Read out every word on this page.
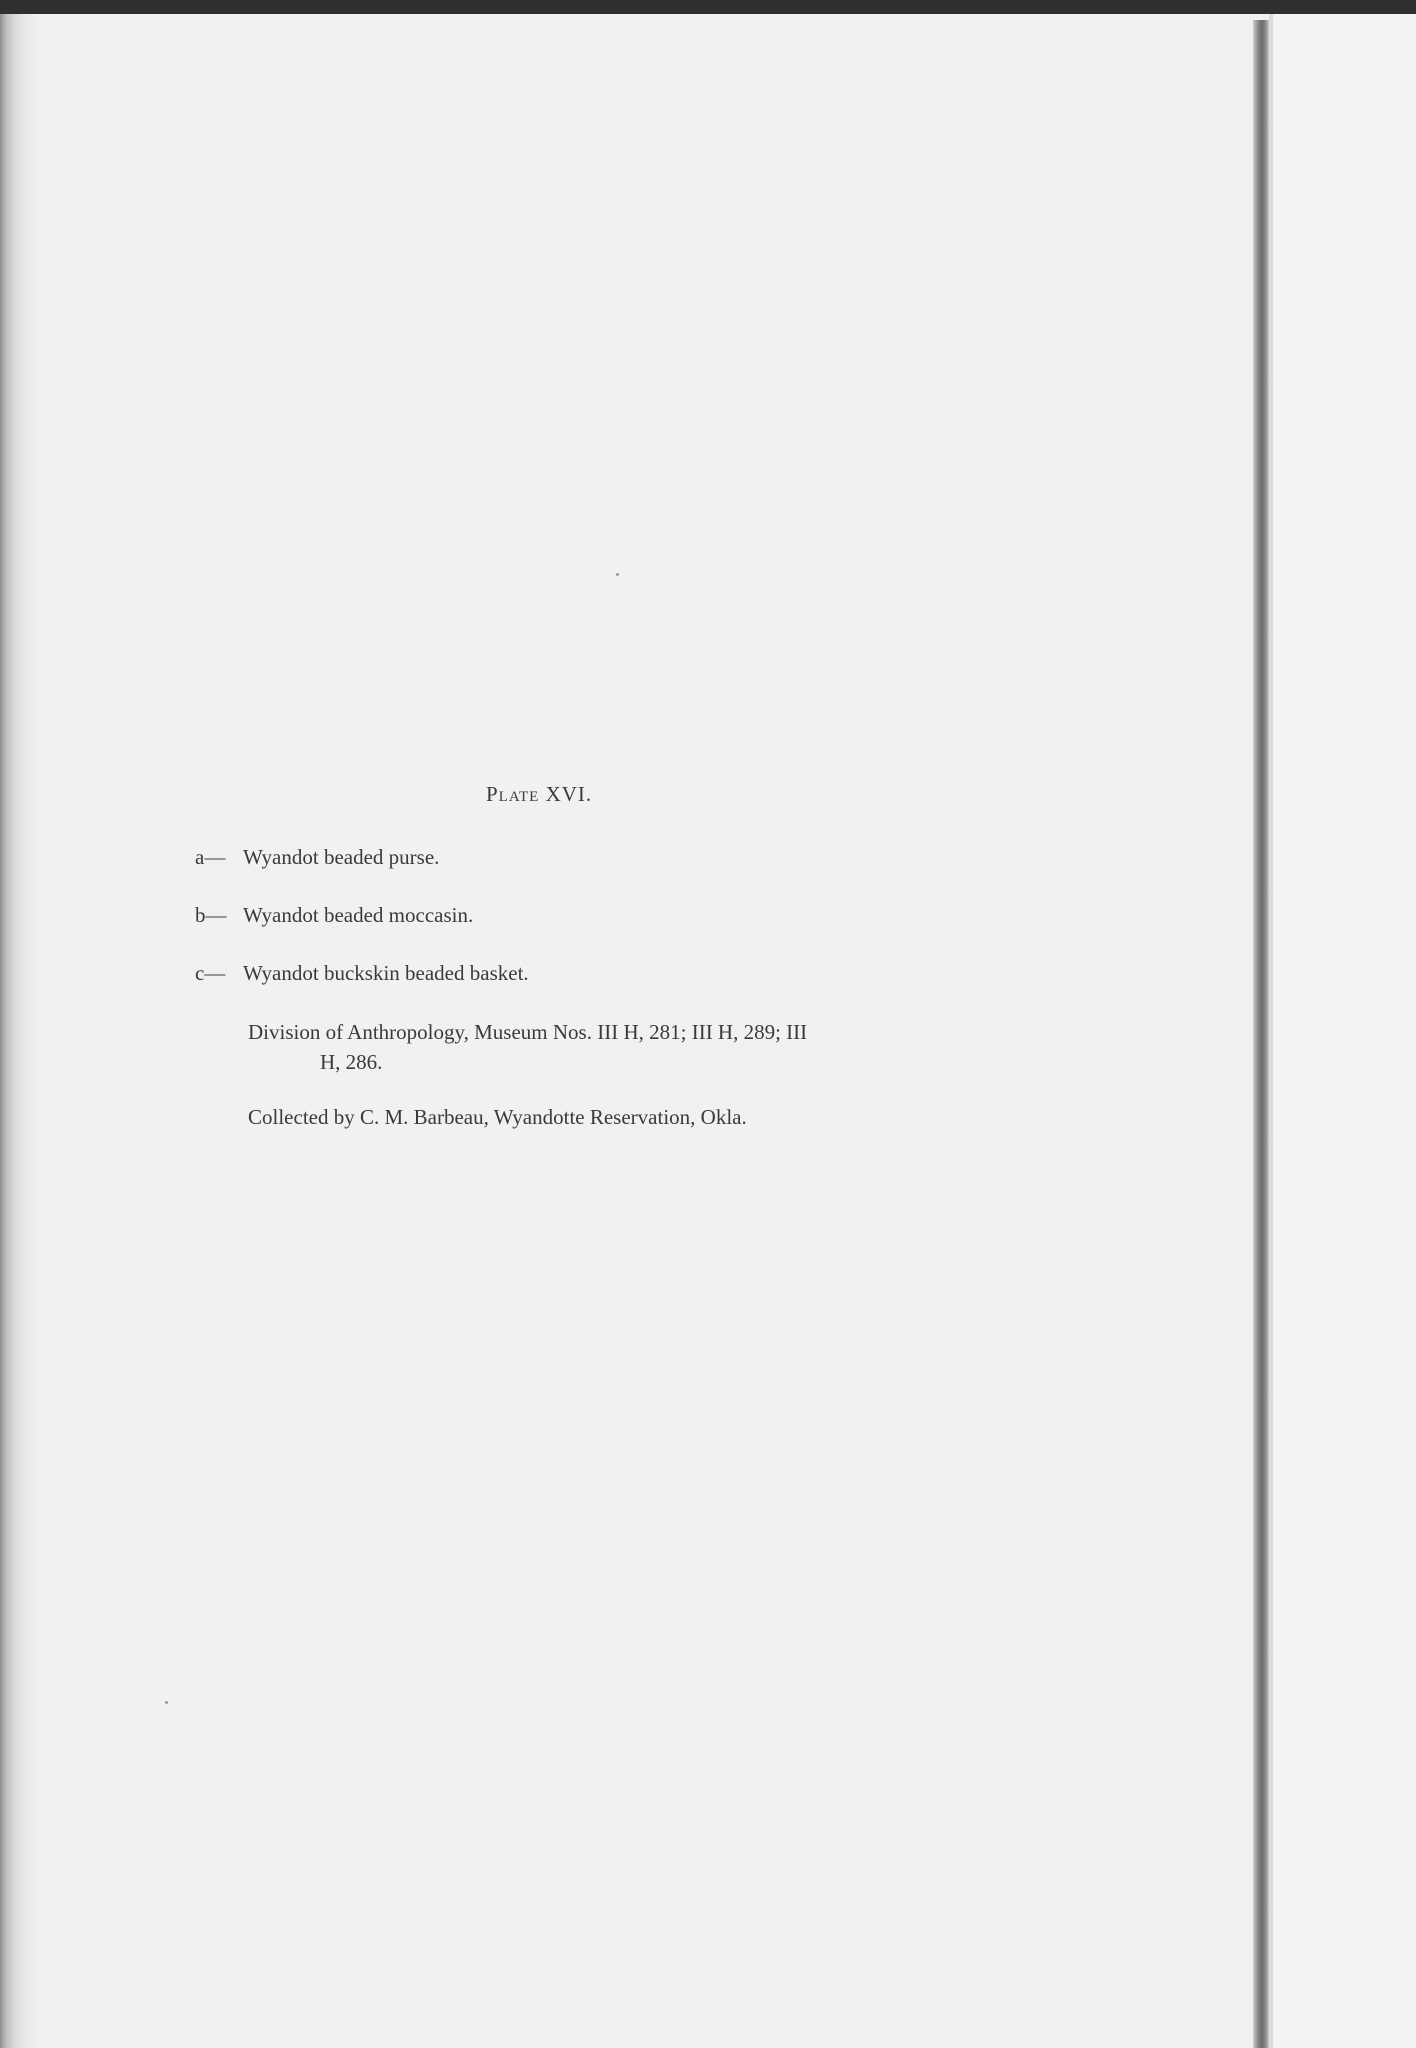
Plate XVI.
a— Wyandot beaded purse.
b— Wyandot beaded moccasin.
c— Wyandot buckskin beaded basket.
Division of Anthropology, Museum Nos. III H, 281; III H, 289; III
H, 286.
Collected by C. M. Barbeau, Wyandotte Reservation, Okla.
